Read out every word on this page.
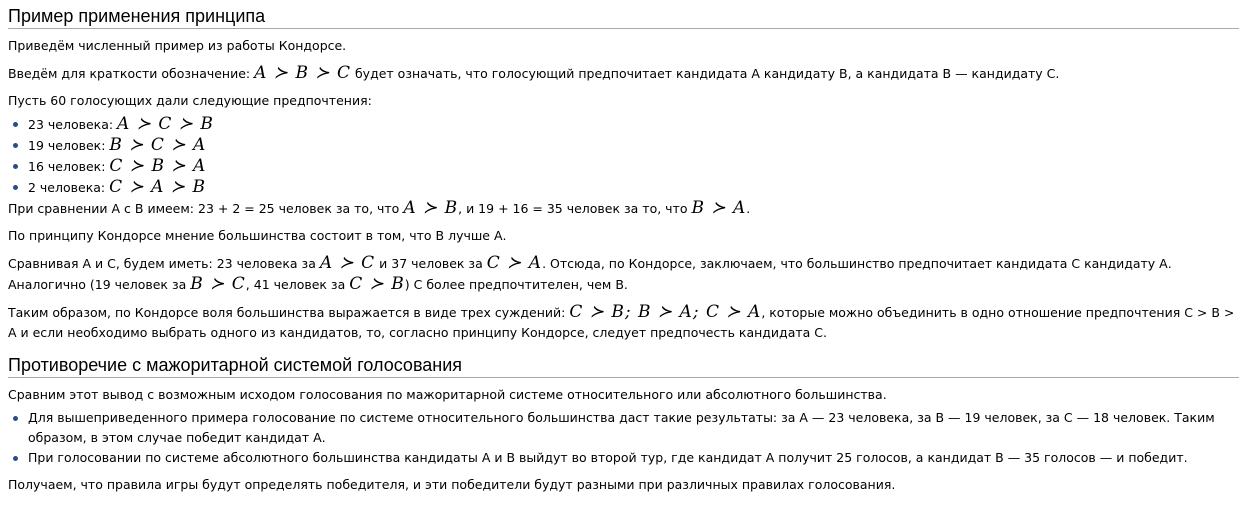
Пример применения принципа

Приведём численный пример из работы Кондорсе.

Введём для краткости обозначение: A ≻ B ≻ C будет означать, что голосующий предпочитает кандидата А кандидату В, а кандидата В — кандидату С.

Пусть 60 голосующих дали следующие предпочтения:

23 человека: A ≻ C ≻ B
19 человек: B ≻ C ≻ A
16 человек: C ≻ B ≻ A
2 человека: C ≻ A ≻ B

При сравнении А с В имеем: 23 + 2 = 25 человек за то, что A ≻ B, и 19 + 16 = 35 человек за то, что B ≻ A.

По принципу Кондорсе мнение большинства состоит в том, что В лучше А.

Сравнивая А и С, будем иметь: 23 человека за A ≻ C и 37 человек за C ≻ A. Отсюда, по Кондорсе, заключаем, что большинство предпочитает кандидата С кандидату А. Аналогично (19 человек за B ≻ C, 41 человек за C ≻ B) С более предпочтителен, чем В.

Таким образом, по Кондорсе воля большинства выражается в виде трех суждений: C ≻ B; B ≻ A; C ≻ A, которые можно объединить в одно отношение предпочтения С > В > А и если необходимо выбрать одного из кандидатов, то, согласно принципу Кондорсе, следует предпочесть кандидата С.

Противоречие с мажоритарной системой голосования

Сравним этот вывод с возможным исходом голосования по мажоритарной системе относительного или абсолютного большинства.

Для вышеприведенного примера голосование по системе относительного большинства даст такие результаты: за А — 23 человека, за В — 19 человек, за С — 18 человек. Таким образом, в этом случае победит кандидат А.
При голосовании по системе абсолютного большинства кандидаты А и В выйдут во второй тур, где кандидат А получит 25 голосов, а кандидат В — 35 голосов — и победит.

Получаем, что правила игры будут определять победителя, и эти победители будут разными при различных правилах голосования.
